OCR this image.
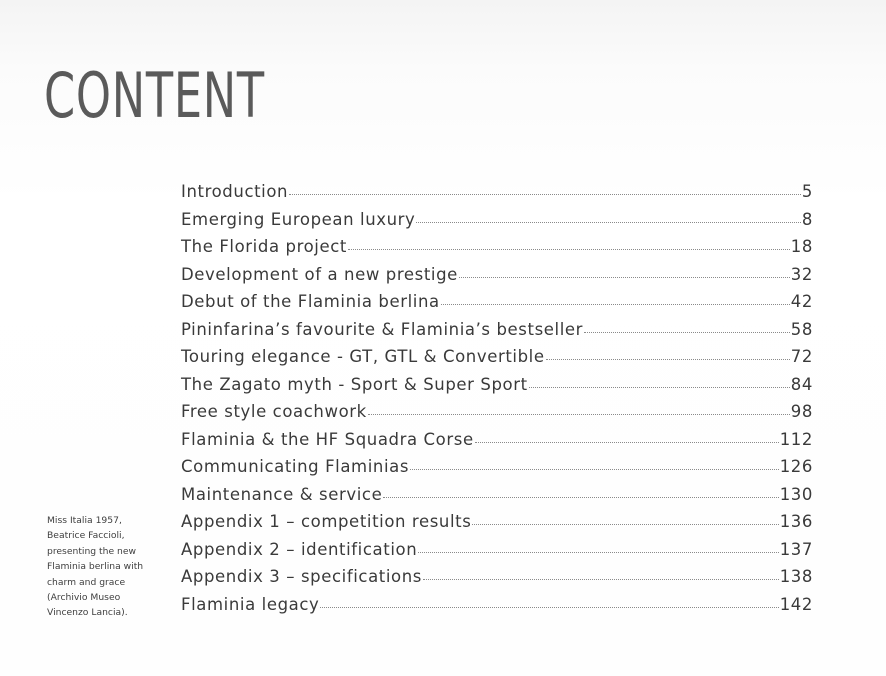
CONTENT
Introduction	5
Emerging European luxury	8
The Florida project	18
Development of a new prestige	32
Debut of the Flaminia berlina	42
Pininfarina’s favourite & Flaminia’s bestseller	58
Touring elegance - GT, GTL & Convertible	72
The Zagato myth - Sport & Super Sport	84
Free style coachwork	98
Flaminia & the HF Squadra Corse	112
Communicating Flaminias	126
Maintenance & service	130
Appendix 1 – competition results	136
Appendix 2 – identification	137
Appendix 3 – specifications	138
Flaminia legacy	142
Miss Italia 1957,
Beatrice Faccioli,
presenting the new
Flaminia berlina with
charm and grace
(Archivio Museo
Vincenzo Lancia).
